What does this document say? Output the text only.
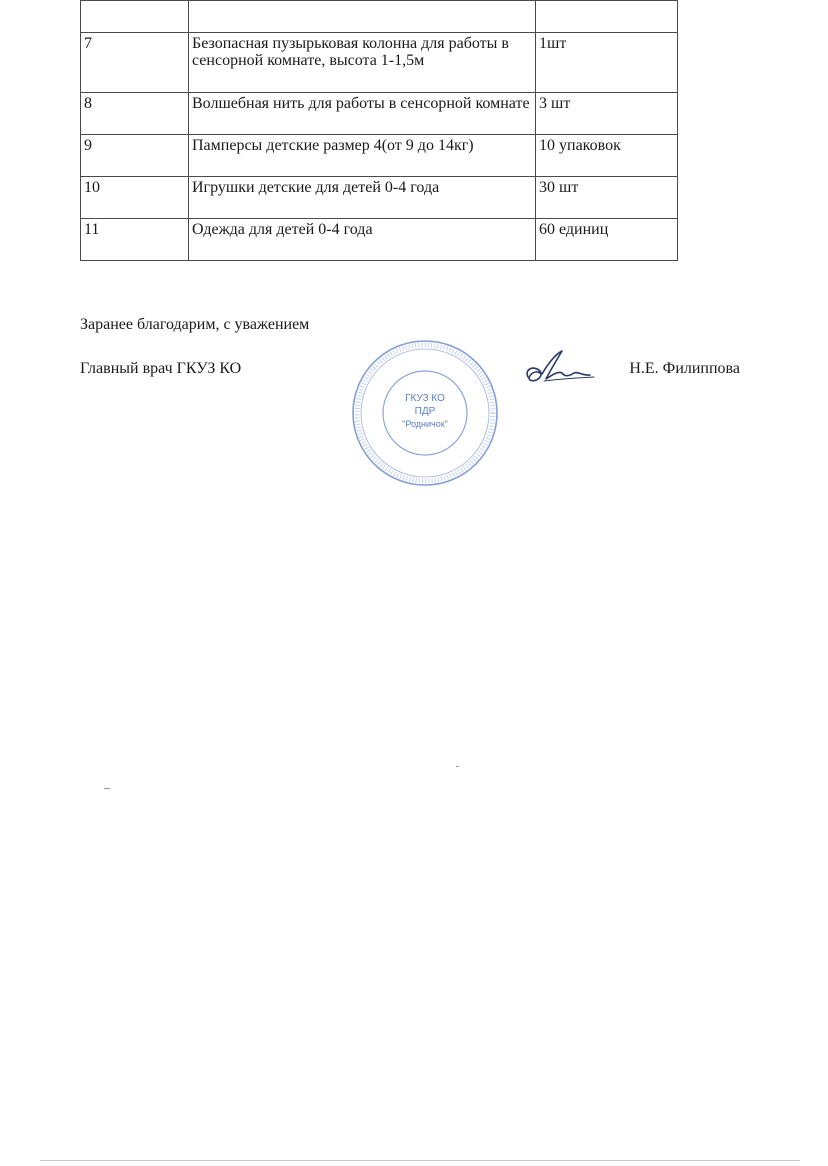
7	Безопасная пузырьковая колонна для работы в сенсорной комнате, высота 1-1,5м	1шт
8	Волшебная нить для работы в сенсорной комнате	3 шт
9	Памперсы детские размер 4(от 9 до 14кг)	10 упаковок
10	Игрушки детские для детей 0-4 года	30 шт
11	Одежда для детей 0-4 года	60 единиц
Заранее благодарим, с уважением
Главный врач ГКУЗ КО	Н.Е. Филиппова
ГКУЗ КО
ПДР
"Родничок"
